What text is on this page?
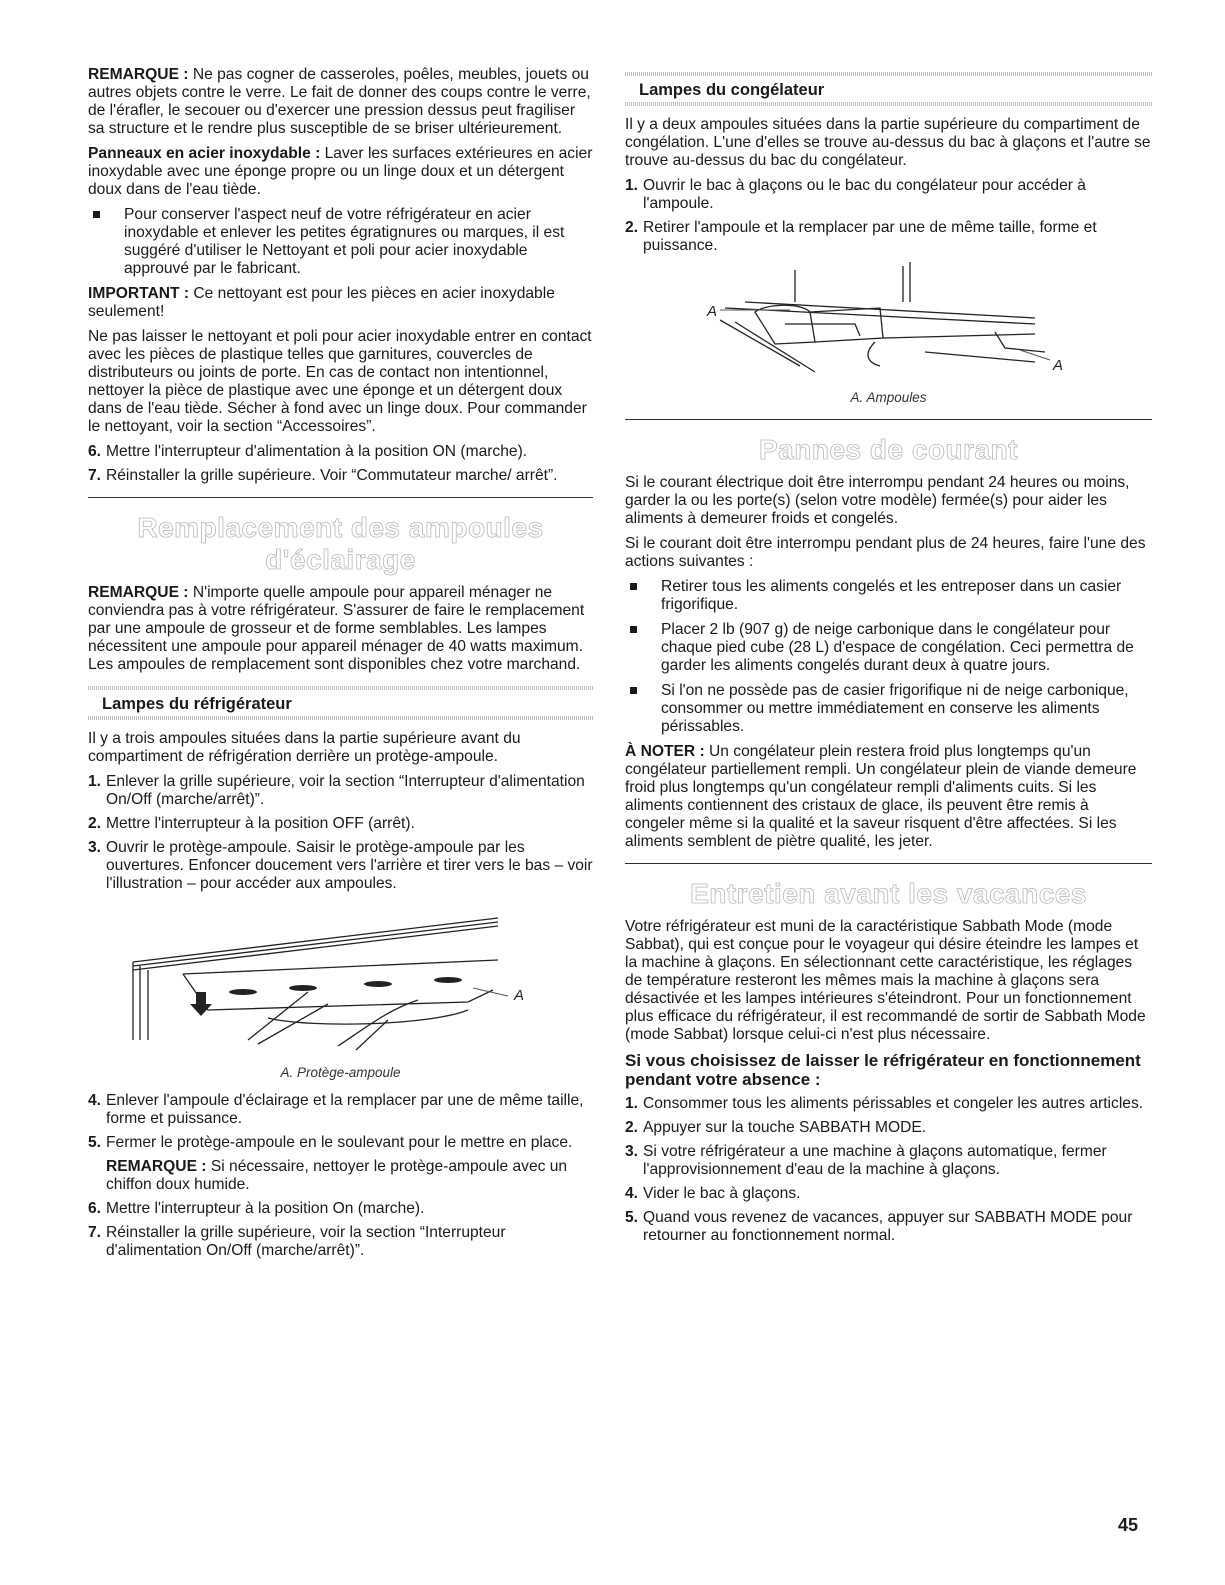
REMARQUE : Ne pas cogner de casseroles, poêles, meubles, jouets ou autres objets contre le verre. Le fait de donner des coups contre le verre, de l'érafler, le secouer ou d'exercer une pression dessus peut fragiliser sa structure et le rendre plus susceptible de se briser ultérieurement.

Panneaux en acier inoxydable : Laver les surfaces extérieures en acier inoxydable avec une éponge propre ou un linge doux et un détergent doux dans de l'eau tiède.

Pour conserver l'aspect neuf de votre réfrigérateur en acier inoxydable et enlever les petites égratignures ou marques, il est suggéré d'utiliser le Nettoyant et poli pour acier inoxydable approuvé par le fabricant.

IMPORTANT : Ce nettoyant est pour les pièces en acier inoxydable seulement!

Ne pas laisser le nettoyant et poli pour acier inoxydable entrer en contact avec les pièces de plastique telles que garnitures, couvercles de distributeurs ou joints de porte. En cas de contact non intentionnel, nettoyer la pièce de plastique avec une éponge et un détergent doux dans de l'eau tiède. Sécher à fond avec un linge doux. Pour commander le nettoyant, voir la section “Accessoires”.

6. Mettre l'interrupteur d'alimentation à la position ON (marche).
7. Réinstaller la grille supérieure. Voir “Commutateur marche/ arrêt”.
Remplacement des ampoules
d'éclairage

REMARQUE : N'importe quelle ampoule pour appareil ménager ne conviendra pas à votre réfrigérateur. S'assurer de faire le remplacement par une ampoule de grosseur et de forme semblables. Les lampes nécessitent une ampoule pour appareil ménager de 40 watts maximum. Les ampoules de remplacement sont disponibles chez votre marchand.

Lampes du réfrigérateur

Il y a trois ampoules situées dans la partie supérieure avant du compartiment de réfrigération derrière un protège-ampoule.

1. Enlever la grille supérieure, voir la section “Interrupteur d'alimentation On/Off (marche/arrêt)”.
2. Mettre l'interrupteur à la position OFF (arrêt).
3. Ouvrir le protège-ampoule. Saisir le protège-ampoule par les ouvertures. Enfoncer doucement vers l'arrière et tirer vers le bas – voir l'illustration – pour accéder aux ampoules.
A
A. Protège-ampoule
4. Enlever l'ampoule d'éclairage et la remplacer par une de même taille, forme et puissance.
5. Fermer le protège-ampoule en le soulevant pour le mettre en place.

REMARQUE : Si nécessaire, nettoyer le protège-ampoule avec un chiffon doux humide.

6. Mettre l'interrupteur à la position On (marche).
7. Réinstaller la grille supérieure, voir la section “Interrupteur d'alimentation On/Off (marche/arrêt)”.
Lampes du congélateur

Il y a deux ampoules situées dans la partie supérieure du compartiment de congélation. L'une d'elles se trouve au-dessus du bac à glaçons et l'autre se trouve au-dessus du bac du congélateur.

1. Ouvrir le bac à glaçons ou le bac du congélateur pour accéder à l'ampoule.
2. Retirer l'ampoule et la remplacer par une de même taille, forme et puissance.
A
A
A. Ampoules
Pannes de courant

Si le courant électrique doit être interrompu pendant 24 heures ou moins, garder la ou les porte(s) (selon votre modèle) fermée(s) pour aider les aliments à demeurer froids et congelés.

Si le courant doit être interrompu pendant plus de 24 heures, faire l'une des actions suivantes :

Retirer tous les aliments congelés et les entreposer dans un casier frigorifique.
Placer 2 lb (907 g) de neige carbonique dans le congélateur pour chaque pied cube (28 L) d'espace de congélation. Ceci permettra de garder les aliments congelés durant deux à quatre jours.
Si l'on ne possède pas de casier frigorifique ni de neige carbonique, consommer ou mettre immédiatement en conserve les aliments périssables.

À NOTER : Un congélateur plein restera froid plus longtemps qu'un congélateur partiellement rempli. Un congélateur plein de viande demeure froid plus longtemps qu'un congélateur rempli d'aliments cuits. Si les aliments contiennent des cristaux de glace, ils peuvent être remis à congeler même si la qualité et la saveur risquent d'être affectées. Si les aliments semblent de piètre qualité, les jeter.

Entretien avant les vacances

Votre réfrigérateur est muni de la caractéristique Sabbath Mode (mode Sabbat), qui est conçue pour le voyageur qui désire éteindre les lampes et la machine à glaçons. En sélectionnant cette caractéristique, les réglages de température resteront les mêmes mais la machine à glaçons sera désactivée et les lampes intérieures s'éteindront. Pour un fonctionnement plus efficace du réfrigérateur, il est recommandé de sortir de Sabbath Mode (mode Sabbat) lorsque celui-ci n'est plus nécessaire.

Si vous choisissez de laisser le réfrigérateur en fonctionnement pendant votre absence :
1. Consommer tous les aliments périssables et congeler les autres articles.
2. Appuyer sur la touche SABBATH MODE.
3. Si votre réfrigérateur a une machine à glaçons automatique, fermer l'approvisionnement d'eau de la machine à glaçons.
4. Vider le bac à glaçons.
5. Quand vous revenez de vacances, appuyer sur SABBATH MODE pour retourner au fonctionnement normal.
45
